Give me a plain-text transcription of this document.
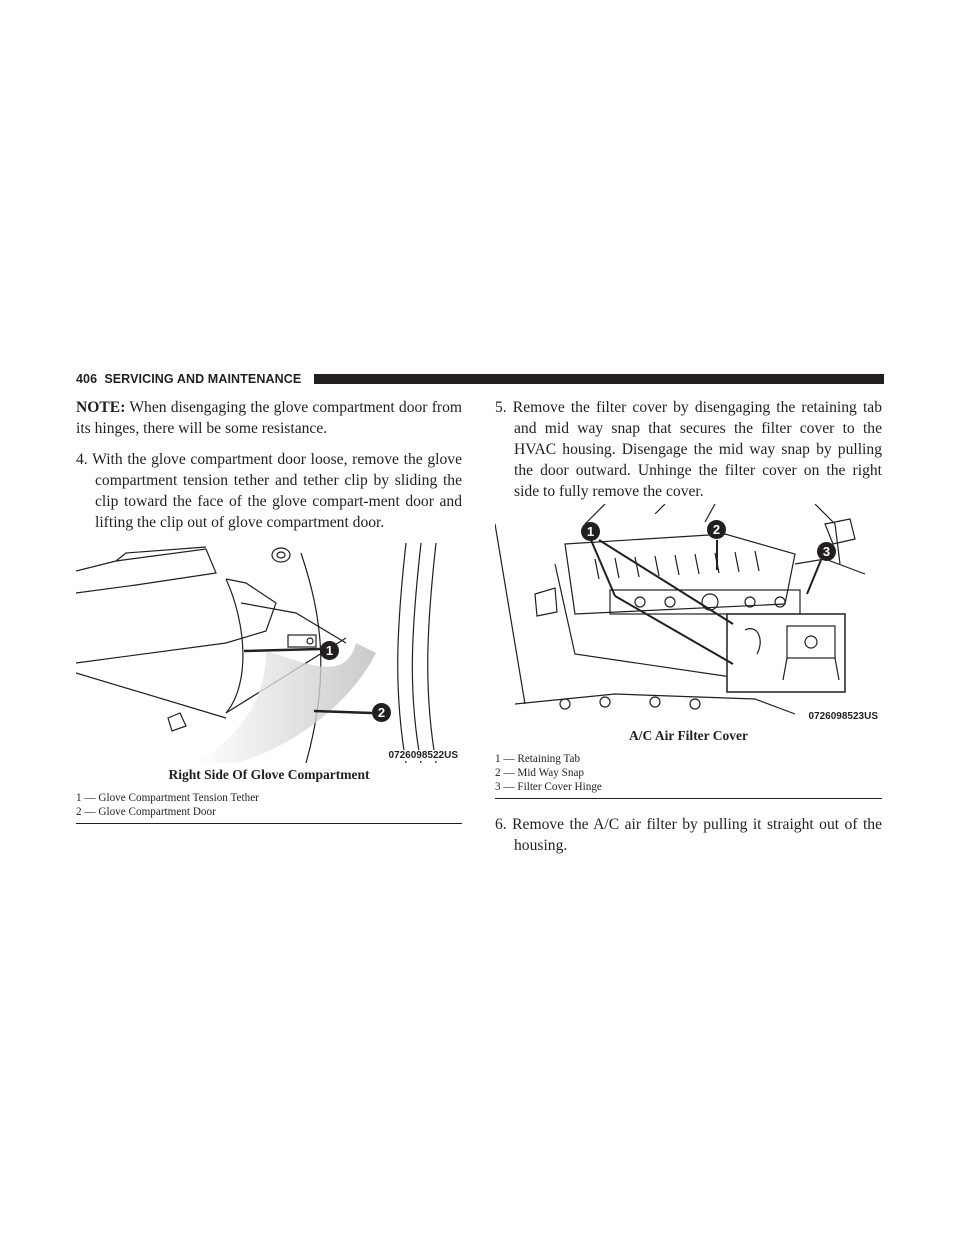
406 SERVICING AND MAINTENANCE

NOTE: When disengaging the glove compartment door from its hinges, there will be some resistance.

4. With the glove compartment door loose, remove the glove compartment tension tether and tether clip by sliding the clip toward the face of the glove compart-ment door and lifting the clip out of glove compartment door.

1
2
0726098522US
Right Side Of Glove Compartment
1 — Glove Compartment Tension Tether
2 — Glove Compartment Door

5. Remove the filter cover by disengaging the retaining tab and mid way snap that secures the filter cover to the HVAC housing. Disengage the mid way snap by pulling the door outward. Unhinge the filter cover on the right side to fully remove the cover.

1	2
3
0726098523US
A/C Air Filter Cover
1 — Retaining Tab
2 — Mid Way Snap
3 — Filter Cover Hinge

6. Remove the A/C air filter by pulling it straight out of the housing.
